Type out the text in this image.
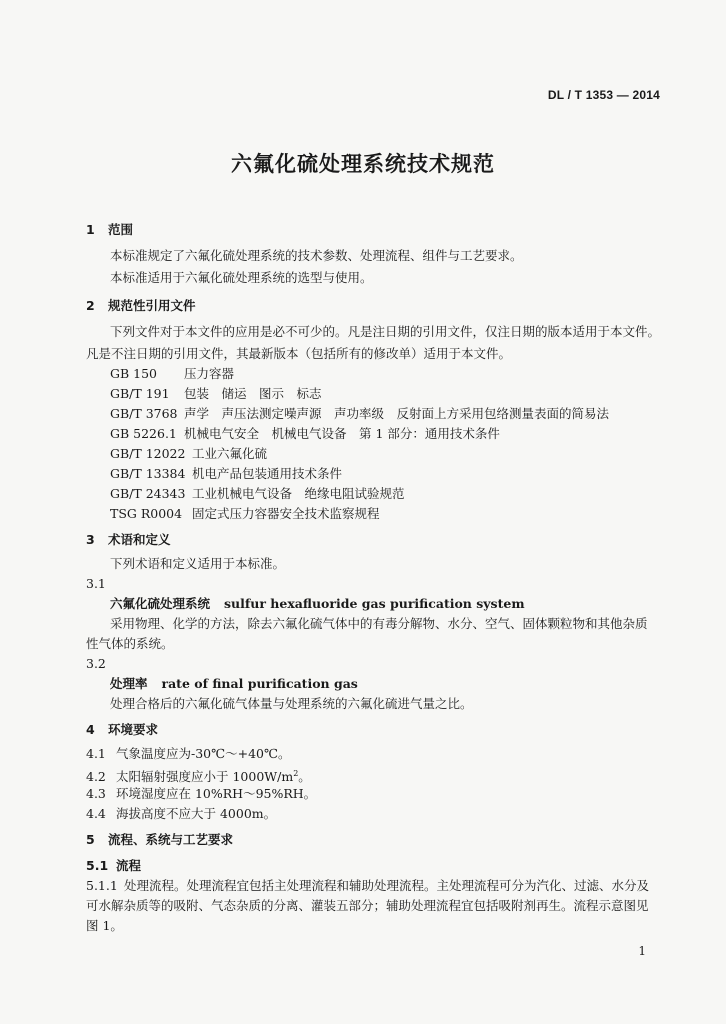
DL / T 1353 — 2014
六氟化硫处理系统技术规范
1 范围
本标准规定了六氟化硫处理系统的技术参数、处理流程、组件与工艺要求。
本标准适用于六氟化硫处理系统的选型与使用。
2 规范性引用文件
下列文件对于本文件的应用是必不可少的。凡是注日期的引用文件，仅注日期的版本适用于本文件。
凡是不注日期的引用文件，其最新版本（包括所有的修改单）适用于本文件。
GB 150 压力容器
GB/T 191 包装　储运　图示　标志
GB/T 3768 声学　声压法测定噪声源　声功率级　反射面上方采用包络测量表面的简易法
GB 5226.1 机械电气安全　机械电气设备　第 1 部分：通用技术条件
GB/T 12022 工业六氟化硫
GB/T 13384 机电产品包装通用技术条件
GB/T 24343 工业机械电气设备　绝缘电阻试验规范
TSG R0004 固定式压力容器安全技术监察规程
3 术语和定义
下列术语和定义适用于本标准。
3.1
六氟化硫处理系统 sulfur hexafluoride gas purification system
采用物理、化学的方法，除去六氟化硫气体中的有毒分解物、水分、空气、固体颗粒物和其他杂质
性气体的系统。
3.2
处理率 rate of final purification gas
处理合格后的六氟化硫气体量与处理系统的六氟化硫进气量之比。
4 环境要求
4.1 气象温度应为-30℃～+40℃。
4.2 太阳辐射强度应小于 $1000W/m^2$。
4.3 环境湿度应在 10%RH～95%RH。
4.4 海拔高度不应大于 4000m。
5 流程、系统与工艺要求
5.1 流程
5.1.1 处理流程。处理流程宜包括主处理流程和辅助处理流程。主处理流程可分为汽化、过滤、水分及
可水解杂质等的吸附、气态杂质的分离、灌装五部分；辅助处理流程宜包括吸附剂再生。流程示意图见
图 1。
1
